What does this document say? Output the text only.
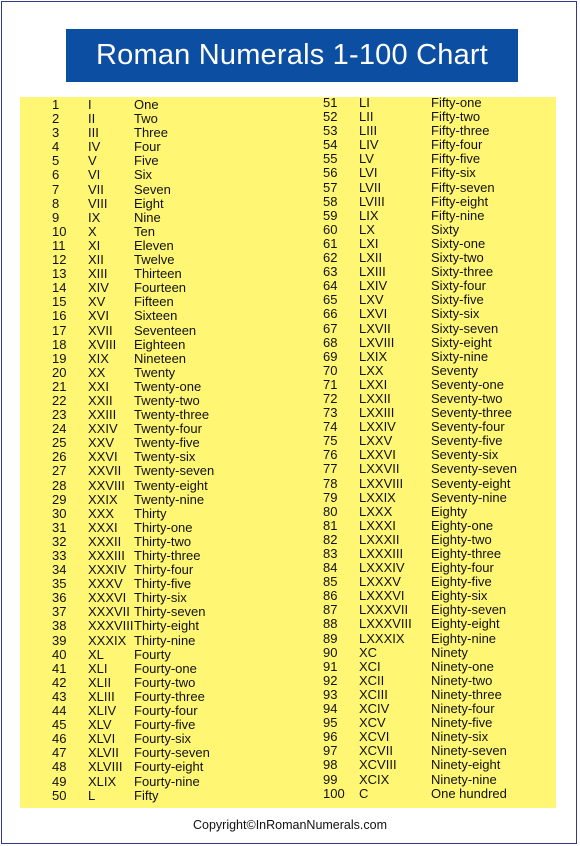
Roman Numerals 1-100 Chart
1 I	One
2 II	Two
3 III	Three
4 IV	Four
5 V	Five
6 VI	Six
7 VII Seven
8 VIII Eight
9 IX	Nine
10 X	Ten
11 XI	Eleven
12 XII Twelve
13 XIII Thirteen
14 XIV Fourteen
15 XV Fifteen
16 XVI Sixteen
17 XVII Seventeen
18 XVIII Eighteen
19 XIX Nineteen
20 XX Twenty
21 XXI Twenty-one
22 XXII Twenty-two
23 XXIII Twenty-three
24 XXIV Twenty-four
25 XXV Twenty-five
26 XXVI Twenty-six
27 XXVII Twenty-seven
28 XXVIII Twenty-eight
29 XXIX Twenty-nine
30 XXX Thirty
31 XXXI Thirty-one
32 XXXII Thirty-two
33 XXXIII Thirty-three
34 XXXIV Thirty-four
35 XXXV Thirty-five
36 XXXVI Thirty-six
37 XXXVII Thirty-seven
38 XXXVIII Thirty-eight
39 XXXIX Thirty-nine
40 XL Fourty
41 XLI Fourty-one
42 XLII Fourty-two
43 XLIII Fourty-three
44 XLIV Fourty-four
45 XLV Fourty-five
46 XLVI Fourty-six
47 XLVII Fourty-seven
48 XLVIII Fourty-eight
49 XLIX Fourty-nine
50 L	Fifty
51 LI	Fifty-one
52 LII	Fifty-two
53 LIII	Fifty-three
54 LIV	Fifty-four
55 LV	Fifty-five
56 LVI	Fifty-six
57 LVII	Fifty-seven
58 LVIII	Fifty-eight
59 LIX	Fifty-nine
60 LX	Sixty
61 LXI	Sixty-one
62 LXII	Sixty-two
63 LXIII	Sixty-three
64 LXIV	Sixty-four
65 LXV	Sixty-five
66 LXVI	Sixty-six
67 LXVII	Sixty-seven
68 LXVIII	Sixty-eight
69 LXIX	Sixty-nine
70 LXX	Seventy
71 LXXI	Seventy-one
72 LXXII	Seventy-two
73 LXXIII	Seventy-three
74 LXXIV	Seventy-four
75 LXXV	Seventy-five
76 LXXVI	Seventy-six
77 LXXVII Seventy-seven
78 LXXVIII Seventy-eight
79 LXXIX	Seventy-nine
80 LXXX	Eighty
81 LXXXI	Eighty-one
82 LXXXII Eighty-two
83 LXXXIII Eighty-three
84 LXXXIV Eighty-four
85 LXXXV Eighty-five
86 LXXXVI Eighty-six
87 LXXXVII Eighty-seven
88 LXXXVIII Eighty-eight
89 LXXXIX Eighty-nine
90 XC	Ninety
91 XCI	Ninety-one
92 XCII	Ninety-two
93 XCIII	Ninety-three
94 XCIV	Ninety-four
95 XCV	Ninety-five
96 XCVI	Ninety-six
97 XCVII	Ninety-seven
98 XCVIII	Ninety-eight
99 XCIX	Ninety-nine
100 C	One hundred
Copyright©InRomanNumerals.com
